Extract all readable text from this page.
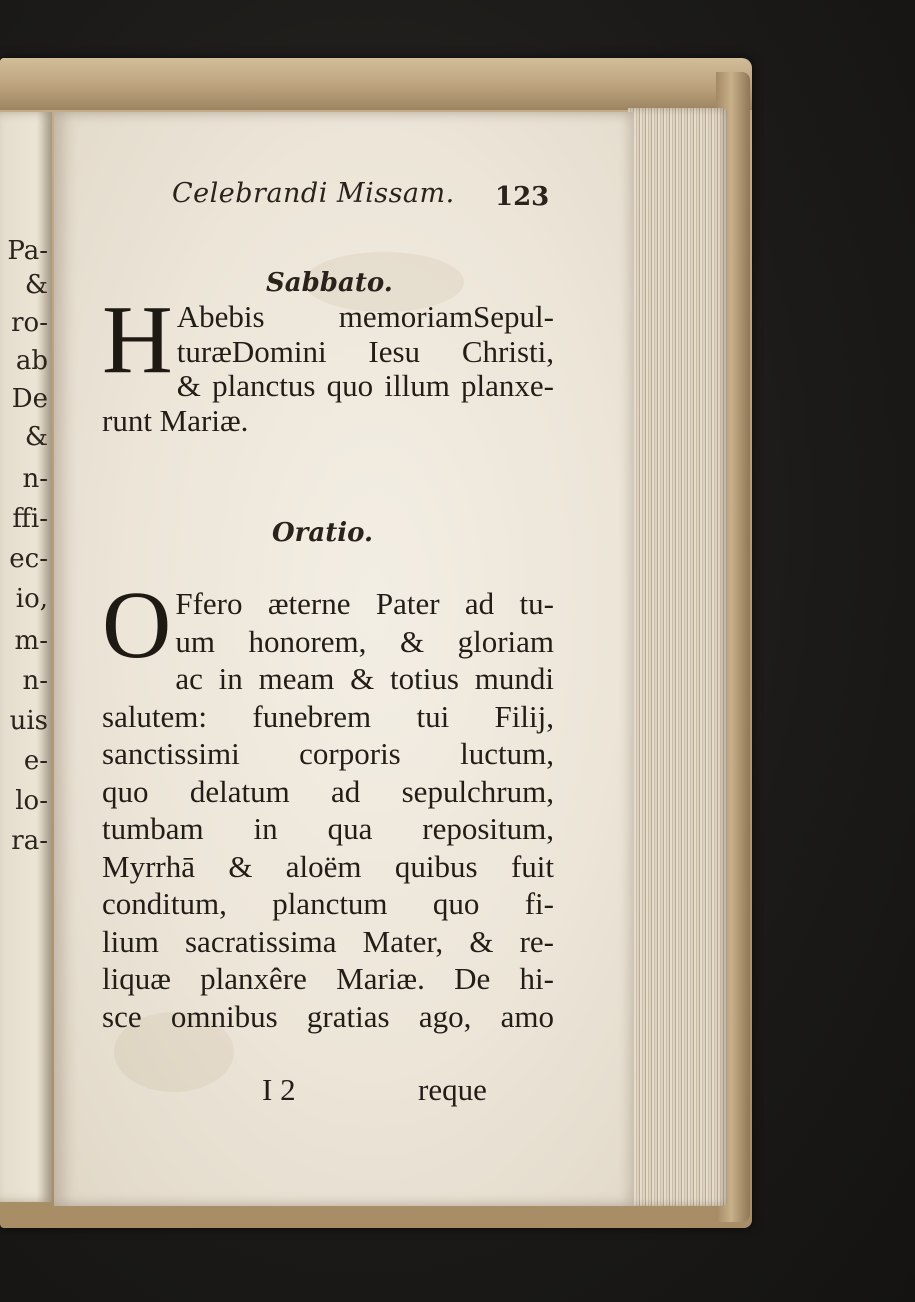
Pa-
&
ro-
ab
De
&
n-
ffi-
ec-
io,
m-
n-
uis
e-
lo-
ra-
Celebrandi Missam. 123
Sabbato.
H Abebis memoriamSepul-
turæDomini Iesu Christi,
& planctus quo illum planxe-
runt Mariæ.
Oratio.
O Ffero æterne Pater ad tu-
um honorem, & gloriam
ac in meam & totius mundi
salutem: funebrem tui Filij,
sanctissimi corporis luctum,
quo delatum ad sepulchrum,
tumbam in qua repositum,
Myrrhā & aloëm quibus fuit
conditum, planctum quo fi-
lium sacratissima Mater, & re-
liquæ planxêre Mariæ. De hi-
sce omnibus gratias ago, amo
I 2	reque
